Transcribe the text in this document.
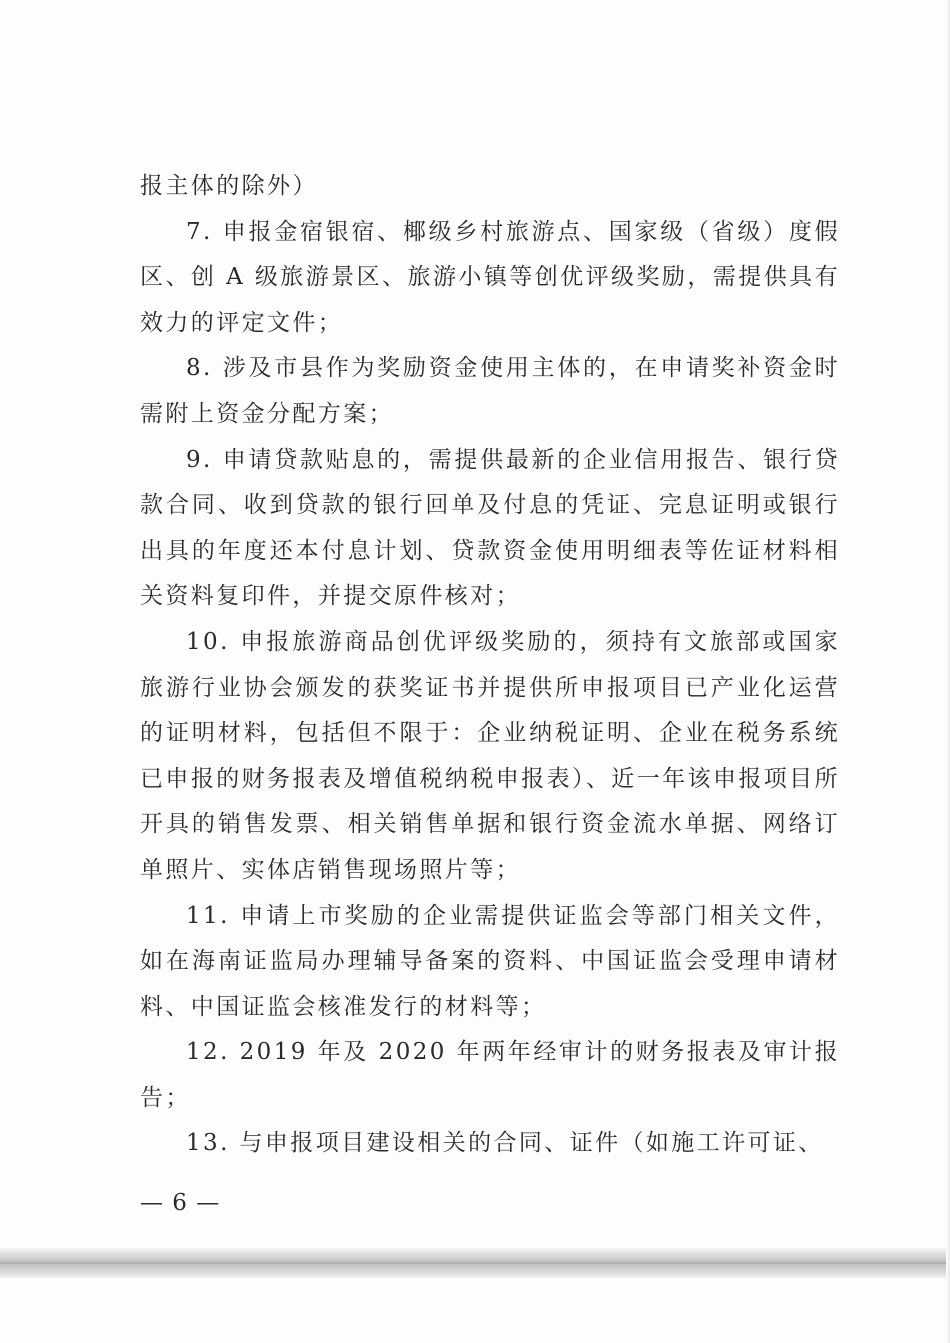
报主体的除外）

7. 申报金宿银宿、椰级乡村旅游点、国家级（省级）度假区、创 A 级旅游景区、旅游小镇等创优评级奖励，需提供具有效力的评定文件；

8. 涉及市县作为奖励资金使用主体的，在申请奖补资金时需附上资金分配方案；

9. 申请贷款贴息的，需提供最新的企业信用报告、银行贷款合同、收到贷款的银行回单及付息的凭证、完息证明或银行出具的年度还本付息计划、贷款资金使用明细表等佐证材料相关资料复印件，并提交原件核对；

10. 申报旅游商品创优评级奖励的，须持有文旅部或国家旅游行业协会颁发的获奖证书并提供所申报项目已产业化运营的证明材料，包括但不限于：企业纳税证明、企业在税务系统已申报的财务报表及增值税纳税申报表）、近一年该申报项目所开具的销售发票、相关销售单据和银行资金流水单据、网络订单照片、实体店销售现场照片等；

11. 申请上市奖励的企业需提供证监会等部门相关文件，如在海南证监局办理辅导备案的资料、中国证监会受理申请材料、中国证监会核准发行的材料等；

12. 2019 年及 2020 年两年经审计的财务报表及审计报告；

13. 与申报项目建设相关的合同、证件（如施工许可证、

— 6 —
